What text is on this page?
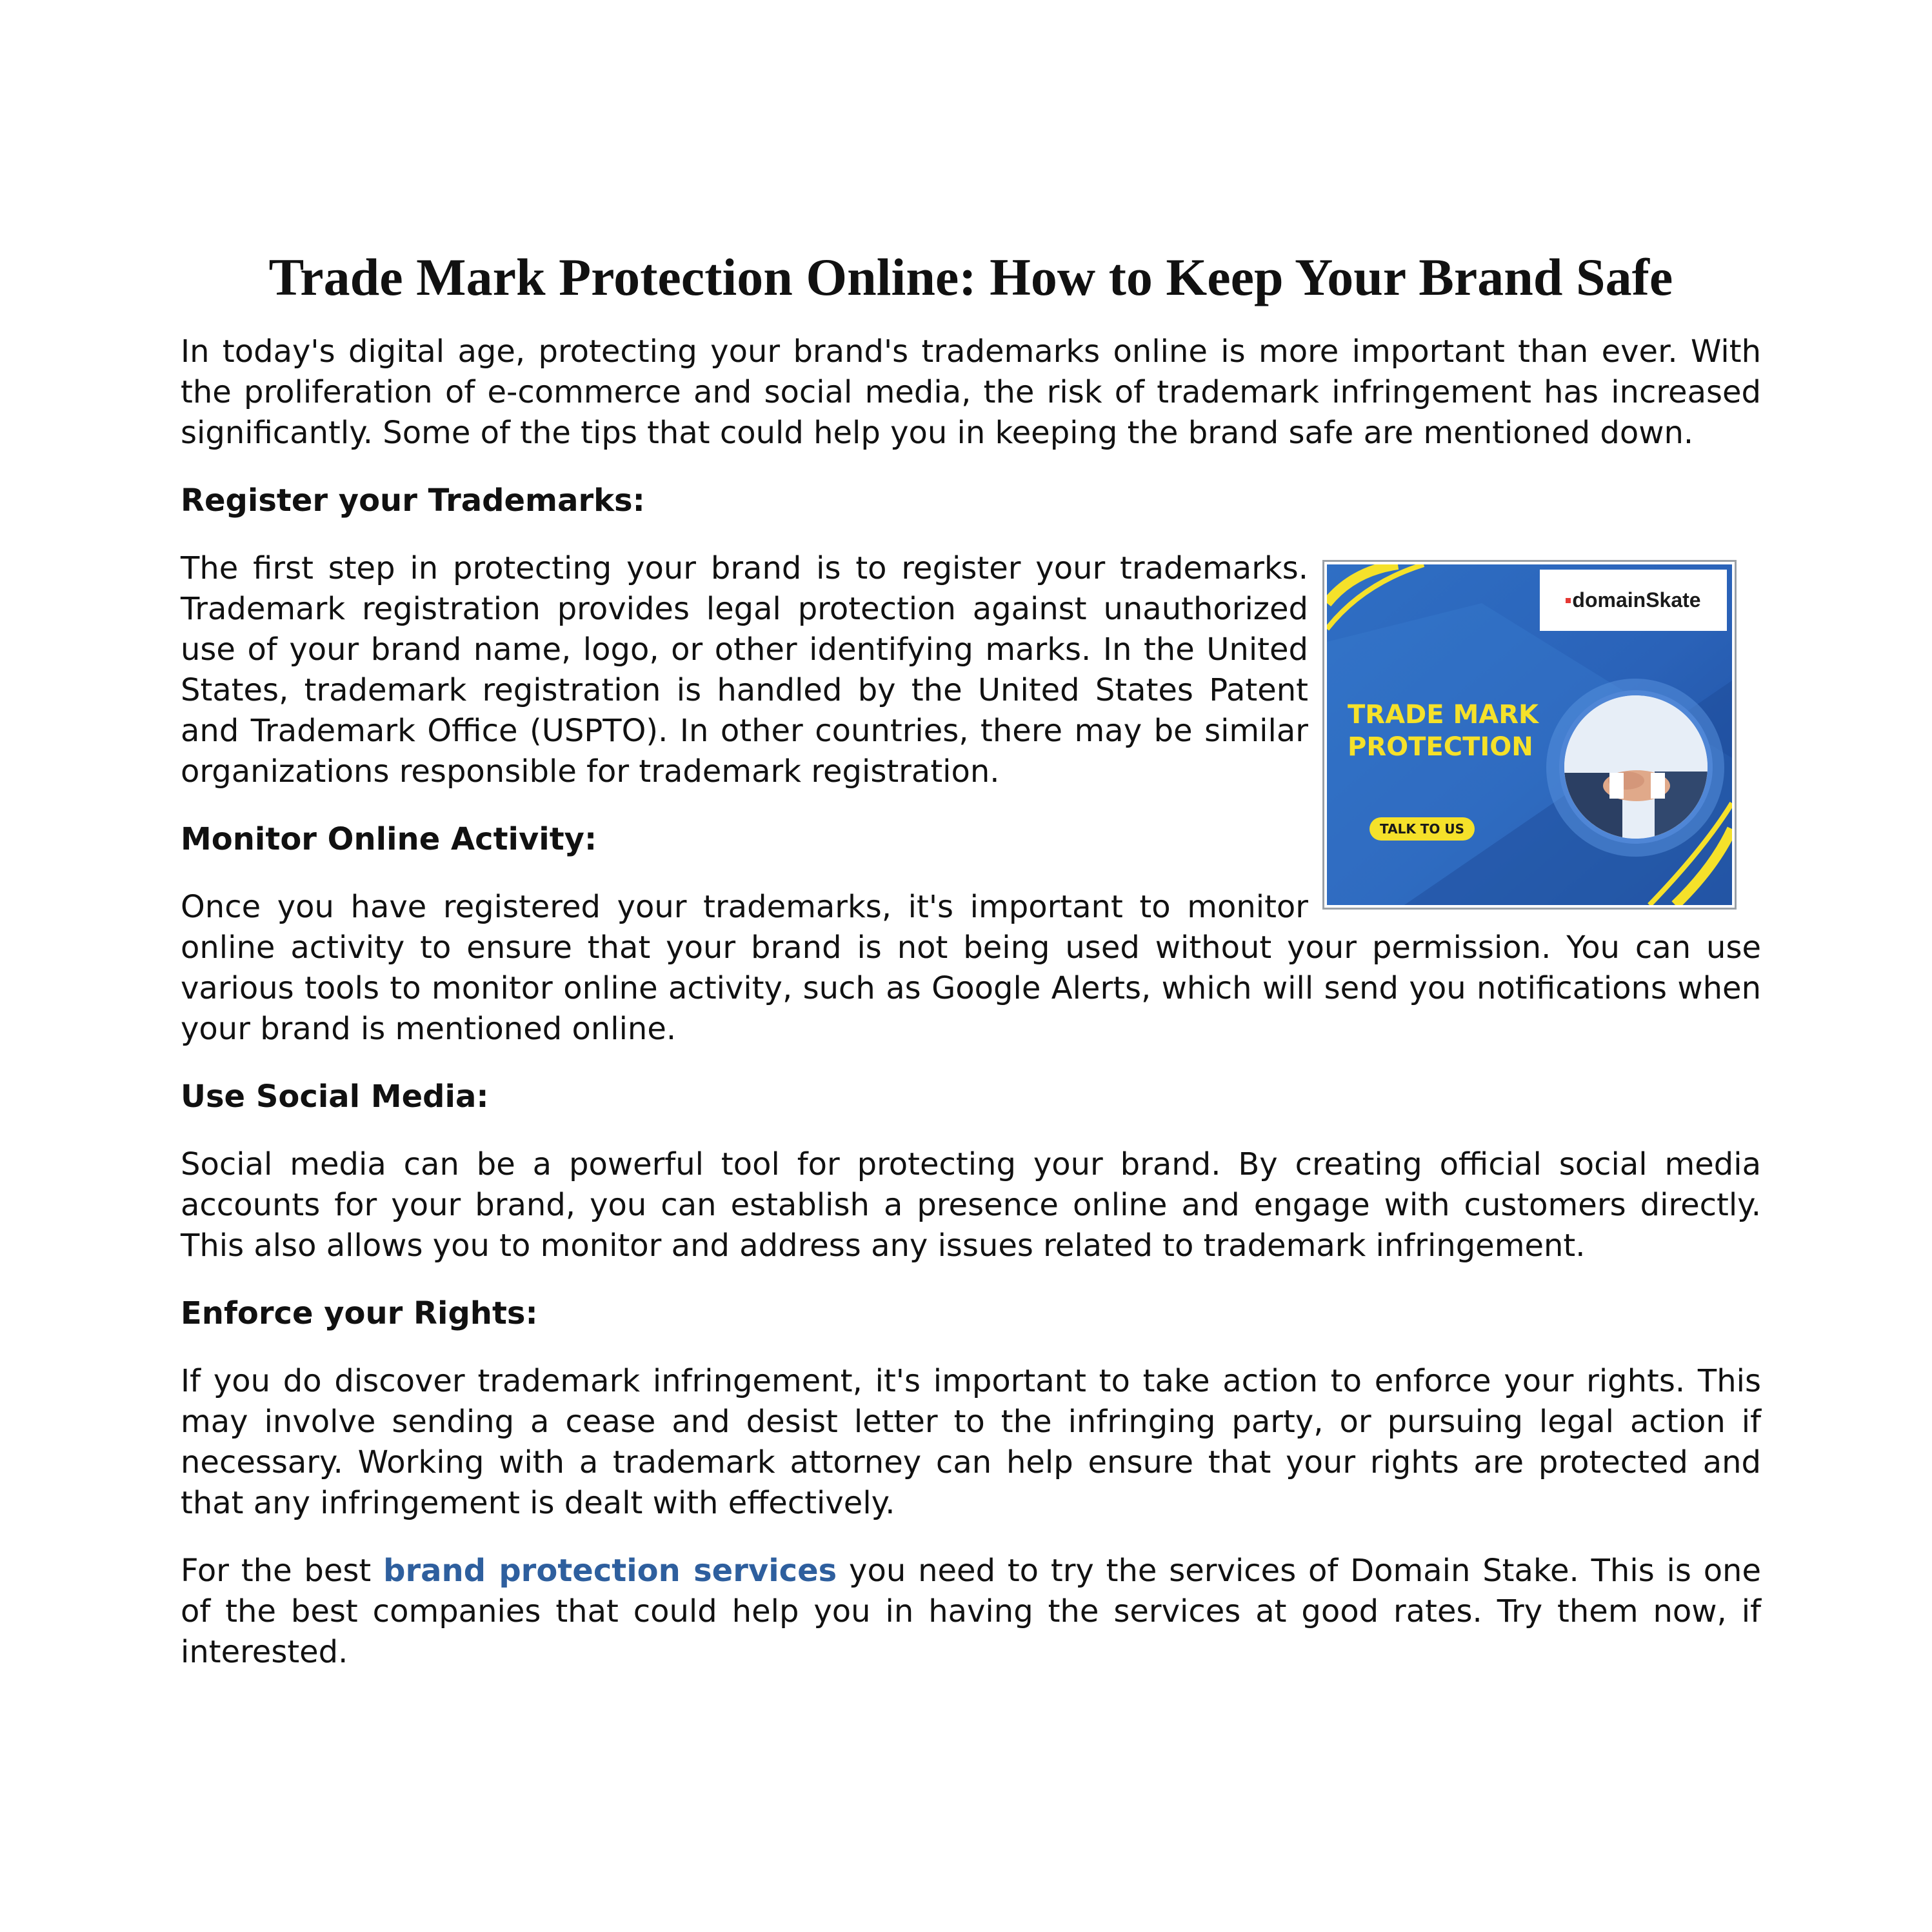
Trade Mark Protection Online: How to Keep Your Brand Safe

In today's digital age, protecting your brand's trademarks online is more important than ever. With the proliferation of e-commerce and social media, the risk of trademark infringement has increased significantly. Some of the tips that could help you in keeping the brand safe are mentioned down.

Register your Trademarks:

domainSkate
TRADE MARK
PROTECTION
TALK TO US
The first step in protecting your brand is to register your trademarks. Trademark registration provides legal protection against unauthorized use of your brand name, logo, or other identifying marks. In the United States, trademark registration is handled by the United States Patent and Trademark Office (USPTO). In other countries, there may be similar organizations responsible for trademark registration.

Monitor Online Activity:

Once you have registered your trademarks, it's important to monitor online activity to ensure that your brand is not being used without your permission. You can use various tools to monitor online activity, such as Google Alerts, which will send you notifications when your brand is mentioned online.

Use Social Media:

Social media can be a powerful tool for protecting your brand. By creating official social media accounts for your brand, you can establish a presence online and engage with customers directly. This also allows you to monitor and address any issues related to trademark infringement.

Enforce your Rights:

If you do discover trademark infringement, it's important to take action to enforce your rights. This may involve sending a cease and desist letter to the infringing party, or pursuing legal action if necessary. Working with a trademark attorney can help ensure that your rights are protected and that any infringement is dealt with effectively.

For the best brand protection services you need to try the services of Domain Stake. This is one of the best companies that could help you in having the services at good rates. Try them now, if interested.
